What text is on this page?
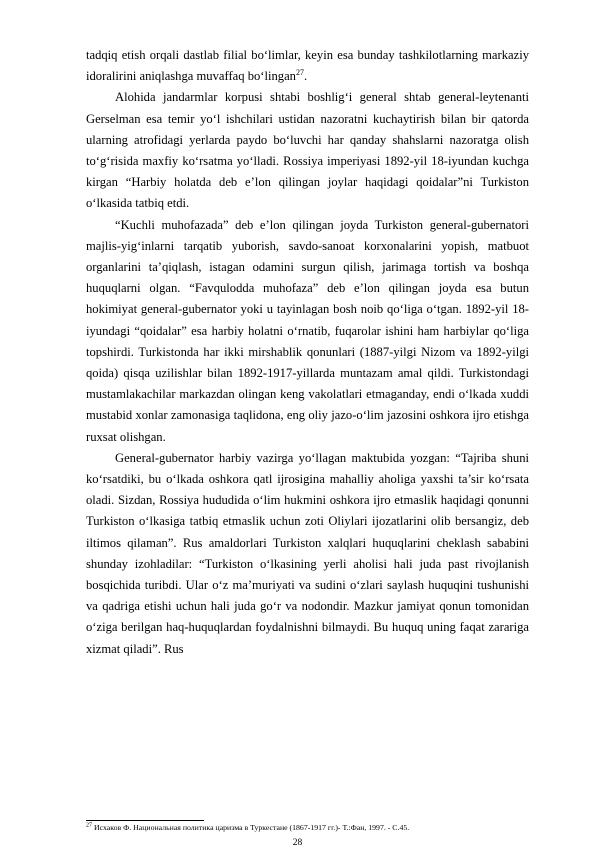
tadqiq etish orqali dastlab filial bo‘limlar, keyin esa bunday tashkilotlarning markaziy idoralirini aniqlashga muvaffaq bo‘lingan$^{27}$.

Alohida jandarmlar korpusi shtabi boshlig‘i general shtab general-leytenanti Gerselman esa temir yo‘l ishchilari ustidan nazoratni kuchaytirish bilan bir qatorda ularning atrofidagi yerlarda paydo bo‘luvchi har qanday shahslarni nazoratga olish to‘g‘risida maxfiy ko‘rsatma yo‘lladi. Rossiya imperiyasi 1892-yil 18-iyundan kuchga kirgan “Harbiy holatda deb e’lon qilingan joylar haqidagi qoidalar”ni Turkiston o‘lkasida tatbiq etdi.

“Kuchli muhofazada” deb e’lon qilingan joyda Turkiston general-gubernatori majlis-yig‘inlarni tarqatib yuborish, savdo-sanoat korxonalarini yopish, matbuot organlarini ta’qiqlash, istagan odamini surgun qilish, jarimaga tortish va boshqa huquqlarni olgan. “Favqulodda muhofaza” deb e’lon qilingan joyda esa butun hokimiyat general-gubernator yoki u tayinlagan bosh noib qo‘liga o‘tgan. 1892-yil 18-iyundagi “qoidalar” esa harbiy holatni o‘rnatib, fuqarolar ishini ham harbiylar qo‘liga topshirdi. Turkistonda har ikki mirshablik qonunlari (1887-yilgi Nizom va 1892-yilgi qoida) qisqa uzilishlar bilan 1892-1917-yillarda muntazam amal qildi. Turkistondagi mustamlakachilar markazdan olingan keng vakolatlari etmaganday, endi o‘lkada xuddi mustabid xonlar zamonasiga taqlidona, eng oliy jazo-o‘lim jazosini oshkora ijro etishga ruxsat olishgan.

General-gubernator harbiy vazirga yo‘llagan maktubida yozgan: “Tajriba shuni ko‘rsatdiki, bu o‘lkada oshkora qatl ijrosigina mahalliy aholiga yaxshi ta’sir ko‘rsata oladi. Sizdan, Rossiya hududida o‘lim hukmini oshkora ijro etmaslik haqidagi qonunni Turkiston o‘lkasiga tatbiq etmaslik uchun zoti Oliylari ijozatlarini olib bersangiz, deb iltimos qilaman”. Rus amaldorlari Turkiston xalqlari huquqlarini cheklash sababini shunday izohladilar: “Turkiston o‘lkasining yerli aholisi hali juda past rivojlanish bosqichida turibdi. Ular o‘z ma’muriyati va sudini o‘zlari saylash huquqini tushunishi va qadriga etishi uchun hali juda go‘r va nodondir. Mazkur jamiyat qonun tomonidan o‘ziga berilgan haq-huquqlardan foydalnishni bilmaydi. Bu huquq uning faqat zarariga xizmat qiladi”. Rus

$^{27}$ Исхаков Ф. Национальная политика царизма в Туркестане (1867-1917 гг.)- Т.:Фан, 1997. - С.45.
28
